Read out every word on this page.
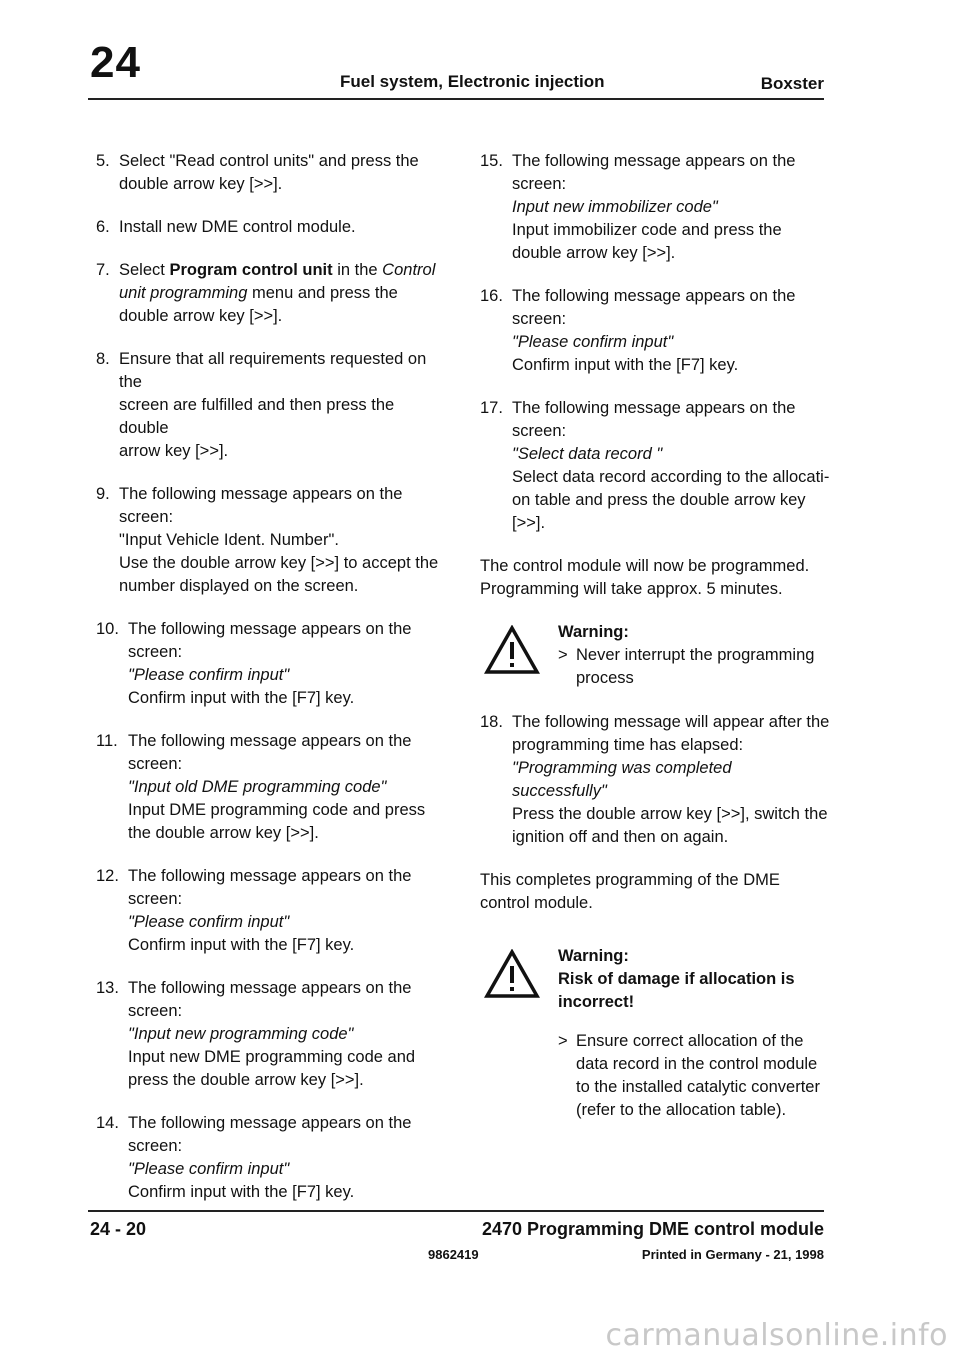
24	Fuel system, Electronic injection	Boxster
5. Select "Read control units" and press the
double arrow key [>>].

6. Install new DME control module.

7. Select Program control unit in the Control unit programming menu and press the double arrow key [>>].

8. Ensure that all requirements requested on the
screen are fulfilled and then press the double
arrow key [>>].

9. The following message appears on the screen:
"Input Vehicle Ident. Number".
Use the double arrow key [>>] to accept the
number displayed on the screen.

10. The following message appears on the screen:
"Please confirm input"
Confirm input with the [F7] key.

11. The following message appears on the screen:
"Input old DME programming code"
Input DME programming code and press the double arrow key [>>].

12. The following message appears on the screen:
"Please confirm input"
Confirm input with the [F7] key.

13. The following message appears on the screen:
"Input new programming code"
Input new DME programming code and press the double arrow key [>>].

14. The following message appears on the screen:
"Please confirm input"
Confirm input with the [F7] key.

15. The following message appears on the screen:
Input new immobilizer code"
Input immobilizer code and press the double arrow key [>>].

16. The following message appears on the screen:
"Please confirm input"
Confirm input with the [F7] key.

17. The following message appears on the screen:
"Select data record "
Select data record according to the allocati-on table and press the double arrow key [>>].

The control module will now be programmed. Programming will take approx. 5 minutes.

Warning:

> Never interrupt the programming process

18. The following message will appear after the programming time has elapsed:
"Programming was completed successfully"
Press the double arrow key [>>], switch the ignition off and then on again.

This completes programming of the DME control module.

Warning:

Risk of damage if allocation is incorrect!

> Ensure correct allocation of the data record in the control module to the installed catalytic converter (refer to the allocation table).

24 - 20	2470 Programming DME control module
9862419	Printed in Germany - 21, 1998
carmanualsonline.info
